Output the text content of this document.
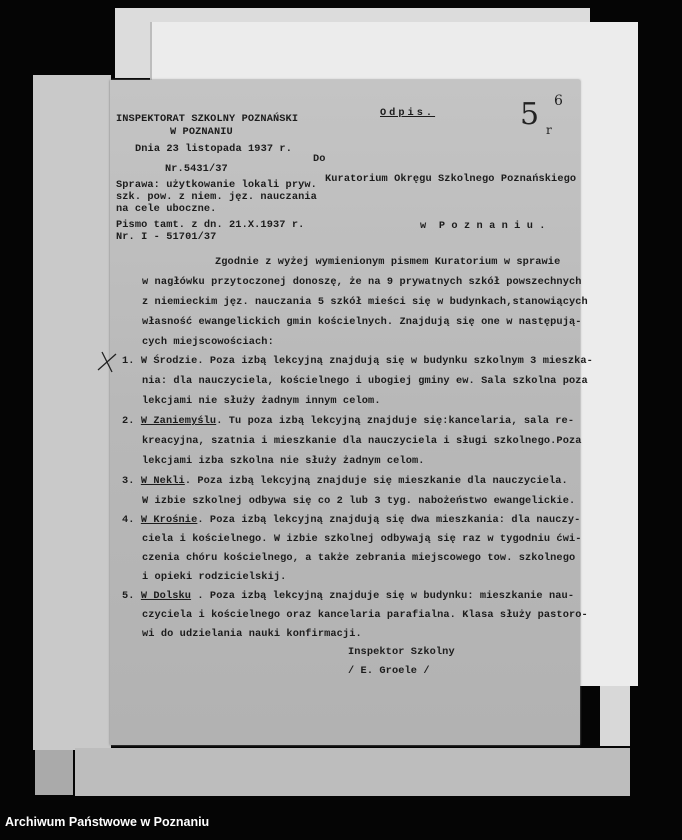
INSPEKTORAT SZKOLNY POZNAŃSKI
W POZNANIU
Dnia 23 listopada 1937 r.
Nr.5431/37
Sprawa: użytkowanie lokali pryw.
szk. pow. z niem. jęz. nauczania
na cele uboczne.
Pismo tamt. z dn. 21.X.1937 r.
Nr. I - 51701/37
Odpis.	5 6
r
Do
Kuratorium Okręgu Szkolnego Poznańskiego
w  P o z n a n i u .
Zgodnie z wyżej wymienionym pismem Kuratorium w sprawie
w nagłówku przytoczonej donoszę, że na 9 prywatnych szkół powszechnych
z niemieckim jęz. nauczania 5 szkół mieści się w budynkach,stanowiących
własność ewangelickich gmin kościelnych. Znajdują się one w następują-
cych miejscowościach:
1. W Środzie. Poza izbą lekcyjną znajdują się w budynku szkolnym 3 mieszka-
nia: dla nauczyciela, kościelnego i ubogiej gminy ew. Sala szkolna poza
lekcjami nie służy żadnym innym celom.
2. W Zaniemyślu. Tu poza izbą lekcyjną znajduje się:kancelaria, sala re-
kreacyjna, szatnia i mieszkanie dla nauczyciela i sługi szkolnego.Poza
lekcjami izba szkolna nie służy żadnym celom.
3. W Nekli. Poza izbą lekcyjną znajduje się mieszkanie dla nauczyciela.
W izbie szkolnej odbywa się co 2 lub 3 tyg. nabożeństwo ewangelickie.
4. W Krośnie. Poza izbą lekcyjną znajdują się dwa mieszkania: dla nauczy-
ciela i kościelnego. W izbie szkolnej odbywają się raz w tygodniu ćwi-
czenia chóru kościelnego, a także zebrania miejscowego tow. szkolnego
i opieki rodzicielskij.
5. W Dolsku . Poza izbą lekcyjną znajduje się w budynku: mieszkanie nau-
czyciela i kościelnego oraz kancelaria parafialna. Klasa służy pastoro-
wi do udzielania nauki konfirmacji.
Inspektor Szkolny
/ E. Groele /
Archiwum Państwowe w Poznaniu
